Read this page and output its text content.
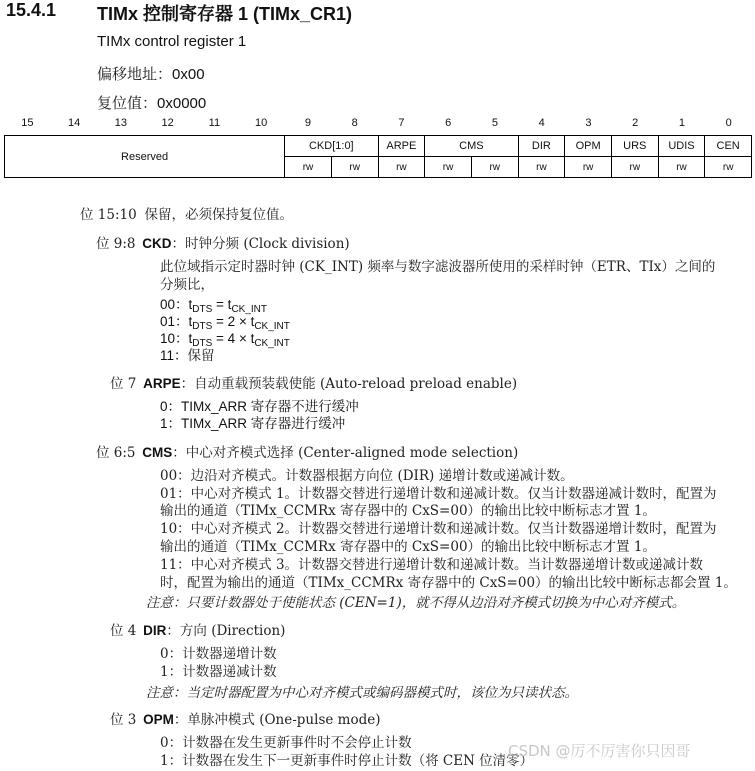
15.4.1 TIMx 控制寄存器 1 (TIMx_CR1)
TIMx control register 1
偏移地址：0x00
复位值：0x0000
15	14	13	12	11	10	9	8	7	6	5	4	3	2	1	0
Reserved	CKD[1:0]		ARPE	CMS		DIR	OPM	URS	UDIS	CEN
	rw	rw	rw	rw	rw	rw	rw	rw	rw	rw
位 15:10 保留，必须保持复位值。
位 9:8 CKD：时钟分频 (Clock division)
此位域指示定时器时钟 (CK_INT) 频率与数字滤波器所使用的采样时钟（ETR、TIx）之间的
分频比，
00：$t_{DTS} = t_{CK\_INT}$
01：$t_{DTS} = 2 \times t_{CK\_INT}$
10：$t_{DTS} = 4 \times t_{CK\_INT}$
11：保留
位 7 ARPE：自动重载预装载使能 (Auto-reload preload enable)
0：TIMx_ARR 寄存器不进行缓冲
1：TIMx_ARR 寄存器进行缓冲
位 6:5 CMS：中心对齐模式选择 (Center-aligned mode selection)
00：边沿对齐模式。计数器根据方向位 (DIR) 递增计数或递减计数。
01：中心对齐模式 1。计数器交替进行递增计数和递减计数。仅当计数器递减计数时，配置为
输出的通道（TIMx_CCMRx 寄存器中的 CxS=00）的输出比较中断标志才置 1。
10：中心对齐模式 2。计数器交替进行递增计数和递减计数。仅当计数器递增计数时，配置为
输出的通道（TIMx_CCMRx 寄存器中的 CxS=00）的输出比较中断标志才置 1。
11：中心对齐模式 3。计数器交替进行递增计数和递减计数。当计数器递增计数或递减计数
时，配置为输出的通道（TIMx_CCMRx 寄存器中的 CxS=00）的输出比较中断标志都会置 1。
注意：只要计数器处于使能状态 (CEN=1)，就不得从边沿对齐模式切换为中心对齐模式。
位 4 DIR：方向 (Direction)
0：计数器递增计数
1：计数器递减计数
注意：当定时器配置为中心对齐模式或编码器模式时，该位为只读状态。
位 3 OPM：单脉冲模式 (One-pulse mode)
0：计数器在发生更新事件时不会停止计数
1：计数器在发生下一更新事件时停止计数（将 CEN 位清零）
CSDN @厉不厉害你只因哥
